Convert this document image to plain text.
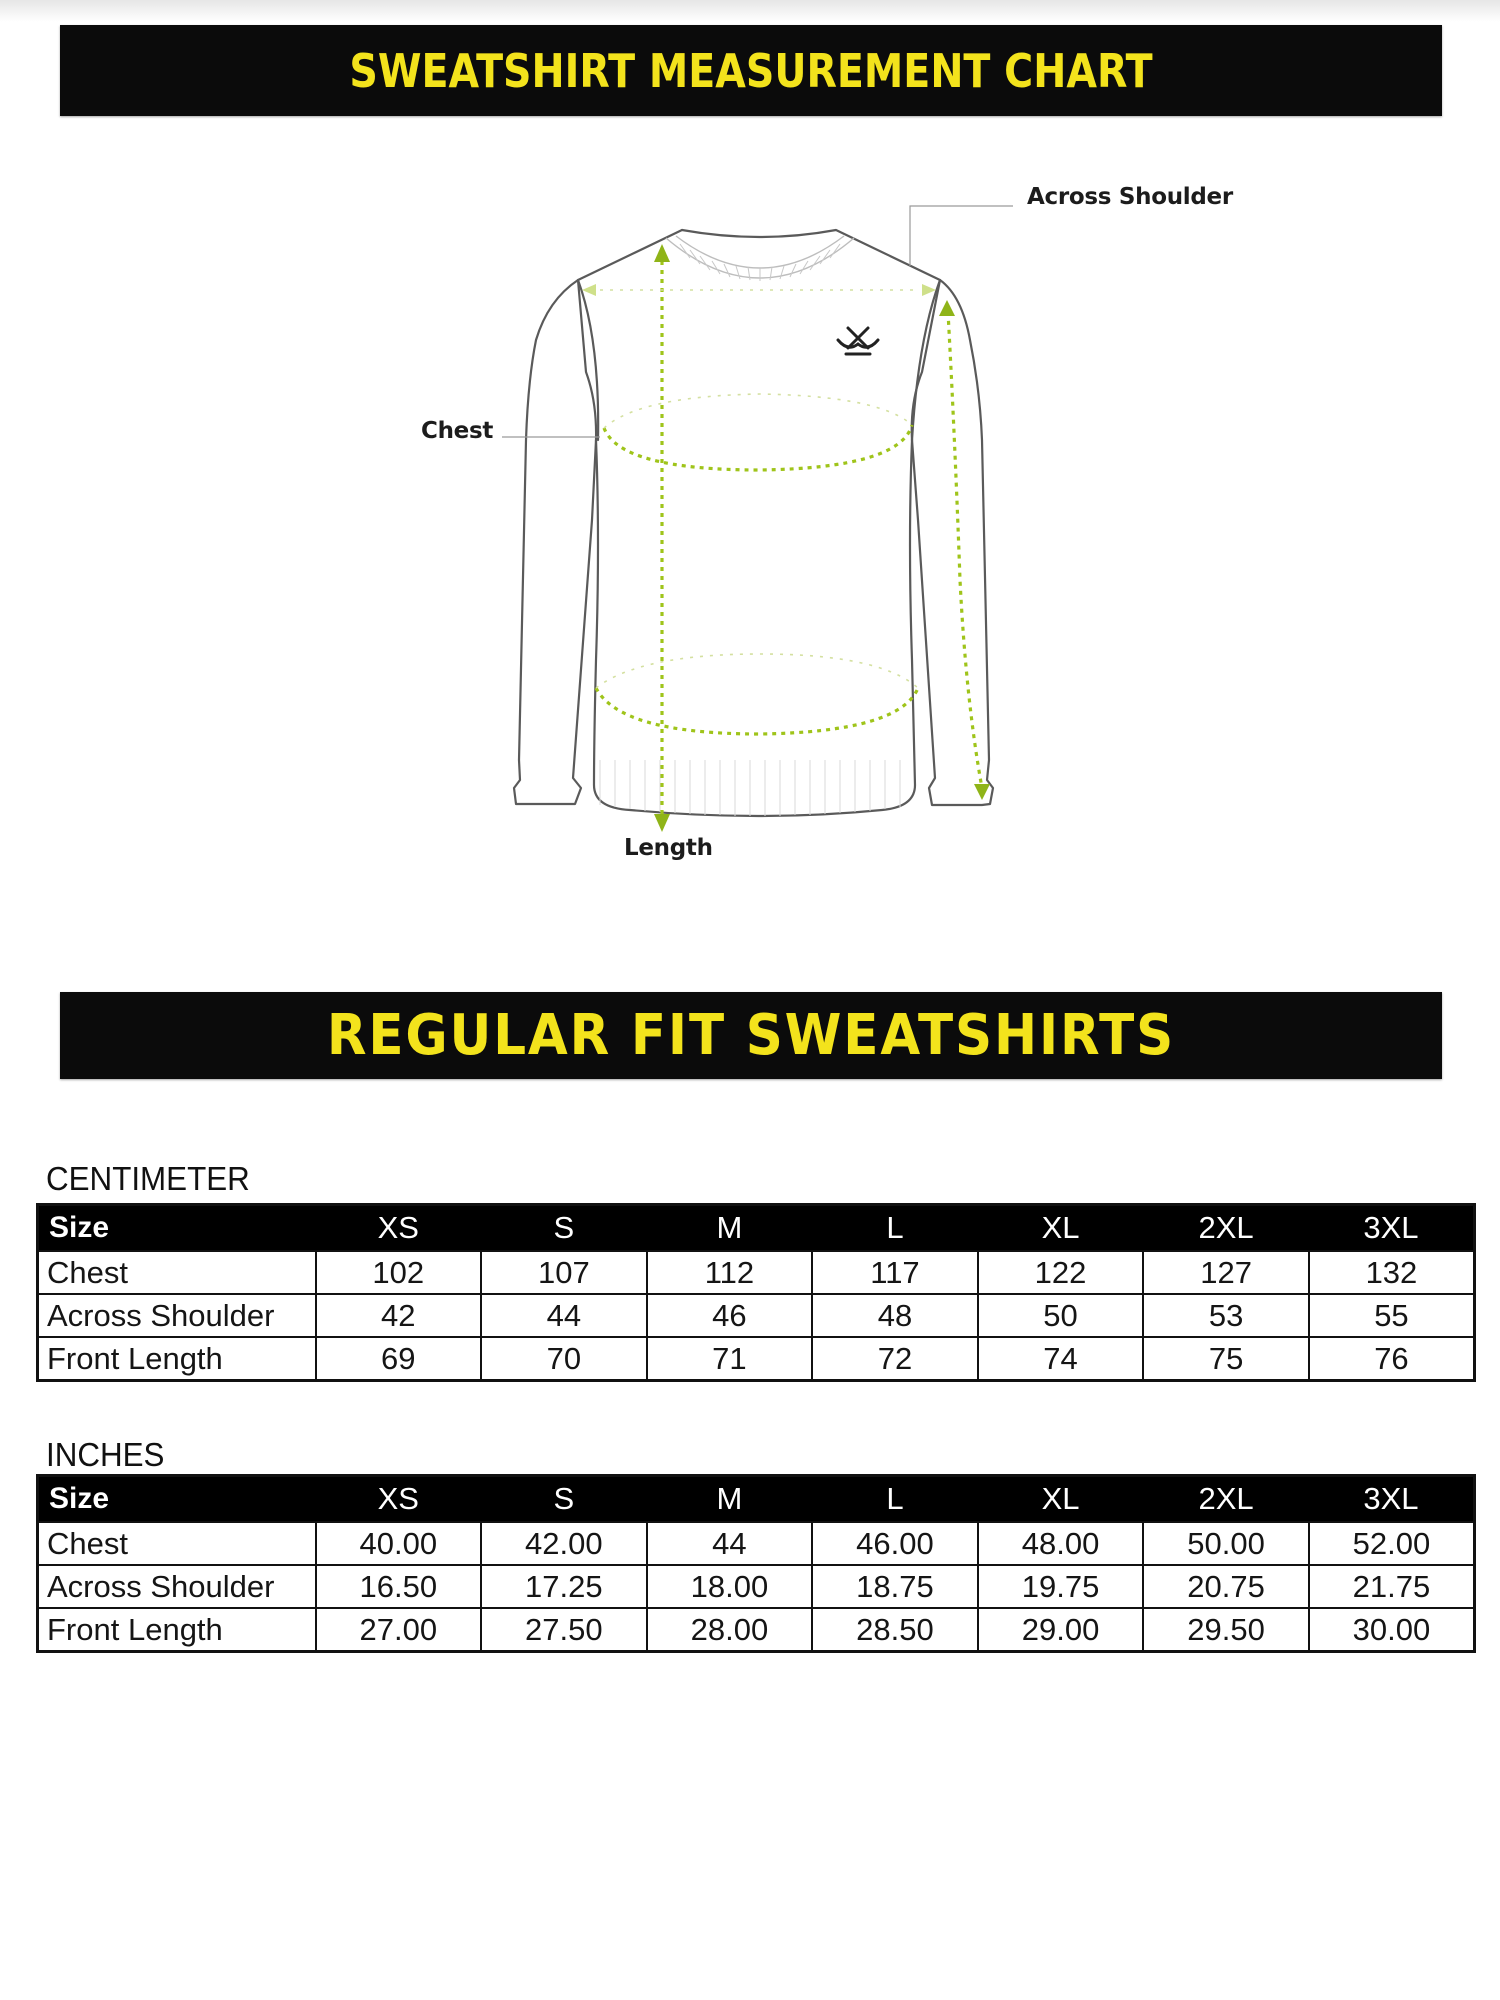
SWEATSHIRT MEASUREMENT CHART
Across Shoulder
Chest
Length
REGULAR FIT SWEATSHIRTS
CENTIMETER
Size	XS	S	M	L	XL	2XL	3XL
Chest	102	107	112	117	122	127	132
Across Shoulder	42	44	46	48	50	53	55
Front Length	69	70	71	72	74	75	76
INCHES
Size	XS	S	M	L	XL	2XL	3XL
Chest	40.00	42.00	44	46.00	48.00	50.00	52.00
Across Shoulder	16.50	17.25	18.00	18.75	19.75	20.75	21.75
Front Length	27.00	27.50	28.00	28.50	29.00	29.50	30.00
